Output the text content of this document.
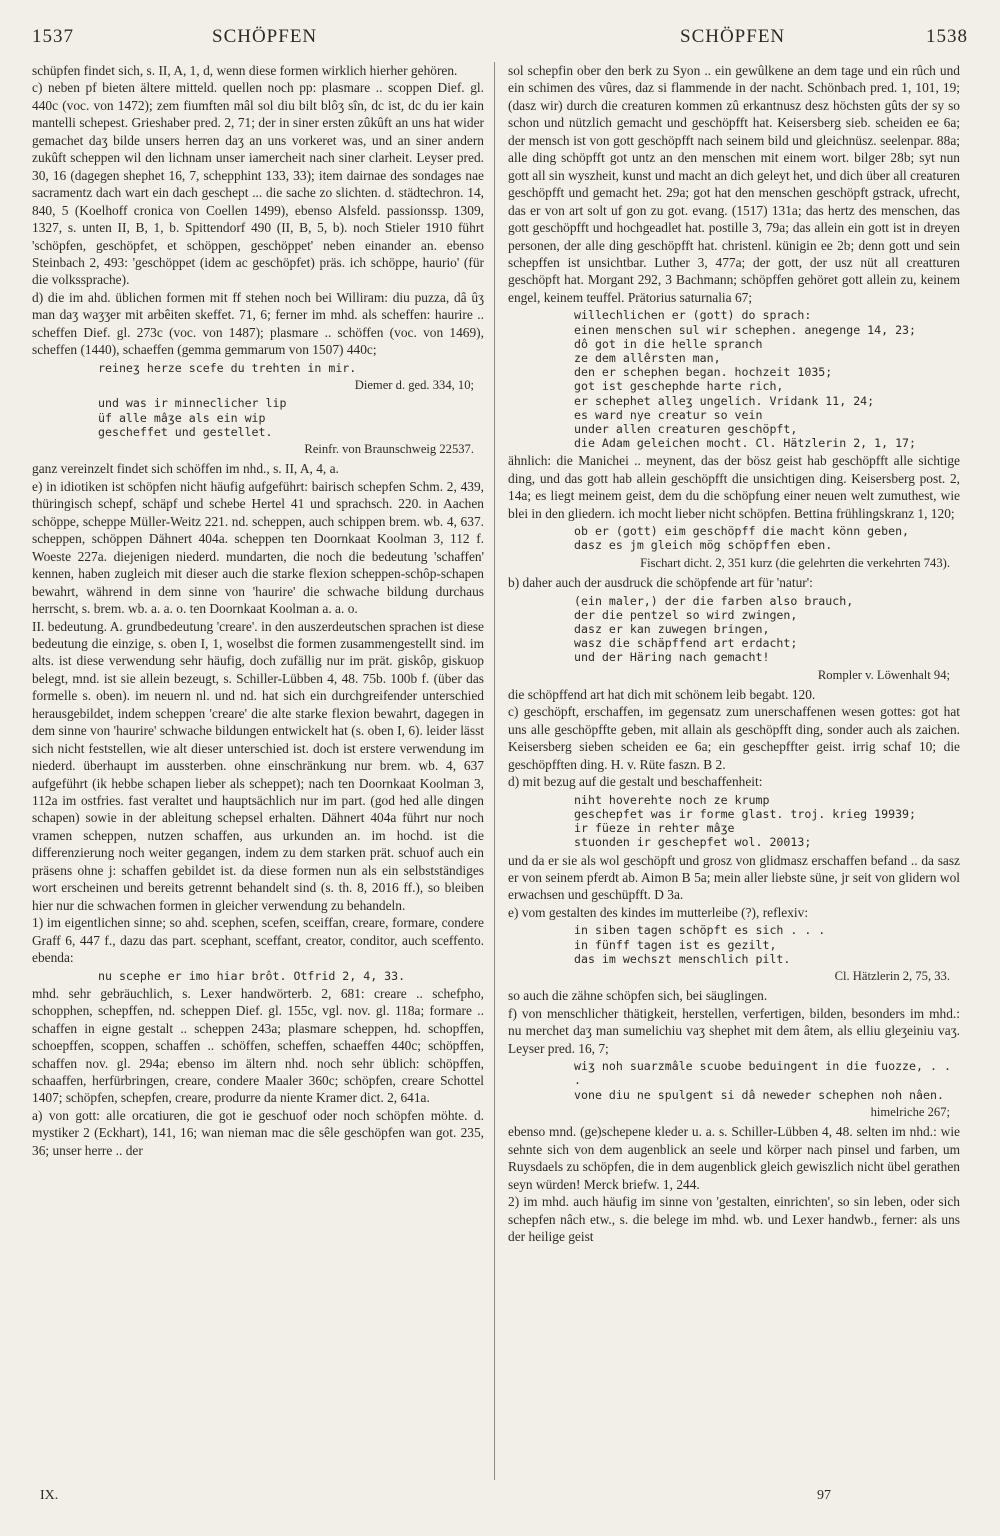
1537	SCHÖPFEN	SCHÖPFEN	1538

schüpfen findet sich, s. II, A, 1, d, wenn diese formen wirklich hierher gehören.

c) neben pf bieten ältere mitteld. quellen noch pp: plasmare .. scoppen Dief. gl. 440c (voc. von 1472); zem fiumften mâl sol diu bilt blôʒ sîn, dc ist, dc du ier kain mantelli schepest. Grieshaber pred. 2, 71; der in siner ersten zûkûft an uns hat wider gemachet daʒ bilde unsers herren daʒ an uns vorkeret was, und an siner andern zukûft scheppen wil den lichnam unser iamercheit nach siner clarheit. Leyser pred. 30, 16 (dagegen shephet 16, 7, schepphint 133, 33); item dairnae des sondages nae sacramentz dach wart ein dach geschept ... die sache zo slichten. d. städtechron. 14, 840, 5 (Koelhoff cronica von Coellen 1499), ebenso Alsfeld. passionssp. 1309, 1327, s. unten II, B, 1, b. Spittendorf 490 (II, B, 5, b). noch Stieler 1910 führt 'schöpfen, geschöpfet, et schöppen, geschöppet' neben einander an. ebenso Steinbach 2, 493: 'geschöppet (idem ac geschöpfet) präs. ich schöppe, haurio' (für die volkssprache).

d) die im ahd. üblichen formen mit ff stehen noch bei Williram: diu puzza, dâ ûʒ man daʒ waʒʒer mit arbêiten skeffet. 71, 6; ferner im mhd. als scheffen: haurire .. scheffen Dief. gl. 273c (voc. von 1487); plasmare .. schöffen (voc. von 1469), scheffen (1440), schaeffen (gemma gemmarum von 1507) 440c;

reineʒ herze scefe du trehten in mir.

Diemer d. ged. 334, 10;

und was ir minneclicher lip
üf alle mâʒe als ein wip
gescheffet und gestellet.

Reinfr. von Braunschweig 22537.

ganz vereinzelt findet sich schöffen im nhd., s. II, A, 4, a.

e) in idiotiken ist schöpfen nicht häufig aufgeführt: bairisch schepfen Schm. 2, 439, thüringisch schepf, schäpf und schebe Hertel 41 und sprachsch. 220. in Aachen schöppe, scheppe Müller-Weitz 221. nd. scheppen, auch schippen brem. wb. 4, 637. scheppen, schöppen Dähnert 404a. scheppen ten Doornkaat Koolman 3, 112 f. Woeste 227a. diejenigen niederd. mundarten, die noch die bedeutung 'schaffen' kennen, haben zugleich mit dieser auch die starke flexion scheppen-schôp-schapen bewahrt, während in dem sinne von 'haurire' die schwache bildung durchaus herrscht, s. brem. wb. a. a. o. ten Doornkaat Koolman a. a. o.

II. bedeutung. A. grundbedeutung 'creare'. in den auszerdeutschen sprachen ist diese bedeutung die einzige, s. oben I, 1, woselbst die formen zusammengestellt sind. im alts. ist diese verwendung sehr häufig, doch zufällig nur im prät. giskôp, giskuop belegt, mnd. ist sie allein bezeugt, s. Schiller-Lübben 4, 48. 75b. 100b f. (über das formelle s. oben). im neuern nl. und nd. hat sich ein durchgreifender unterschied herausgebildet, indem scheppen 'creare' die alte starke flexion bewahrt, dagegen in dem sinne von 'haurire' schwache bildungen entwickelt hat (s. oben I, 6). leider lässt sich nicht feststellen, wie alt dieser unterschied ist. doch ist erstere verwendung im niederd. überhaupt im aussterben. ohne einschränkung nur brem. wb. 4, 637 aufgeführt (ik hebbe schapen lieber als scheppet); nach ten Doornkaat Koolman 3, 112a im ostfries. fast veraltet und hauptsächlich nur im part. (god hed alle dingen schapen) sowie in der ableitung schepsel erhalten. Dähnert 404a führt nur noch vramen scheppen, nutzen schaffen, aus urkunden an. im hochd. ist die differenzierung noch weiter gegangen, indem zu dem starken prät. schuof auch ein präsens ohne j: schaffen gebildet ist. da diese formen nun als ein selbstständiges wort erscheinen und bereits getrennt behandelt sind (s. th. 8, 2016 ff.), so bleiben hier nur die schwachen formen in gleicher verwendung zu behandeln.

1) im eigentlichen sinne; so ahd. scephen, scefen, sceiffan, creare, formare, condere Graff 6, 447 f., dazu das part. scephant, sceffant, creator, conditor, auch sceffento. ebenda:

nu scephe er imo hiar brôt. Otfrid 2, 4, 33.

mhd. sehr gebräuchlich, s. Lexer handwörterb. 2, 681: creare .. schefpho, schopphen, schepffen, nd. scheppen Dief. gl. 155c, vgl. nov. gl. 118a; formare .. schaffen in eigne gestalt .. scheppen 243a; plasmare scheppen, hd. schopffen, schoepffen, scoppen, schaffen .. schöffen, scheffen, schaeffen 440c; schöpffen, schaffen nov. gl. 294a; ebenso im ältern nhd. noch sehr üblich: schöpffen, schaaffen, herfürbringen, creare, condere Maaler 360c; schöpfen, creare Schottel 1407; schöpfen, schepfen, creare, produrre da niente Kramer dict. 2, 641a.

a) von gott: alle orcatiuren, die got ie geschuof oder noch schöpfen möhte. d. mystiker 2 (Eckhart), 141, 16; wan nieman mac die sêle geschöpfen wan got. 235, 36; unser herre .. der

sol schepfin ober den berk zu Syon .. ein gewûlkene an dem tage und ein rûch und ein schimen des vûres, daz si flammende in der nacht. Schönbach pred. 1, 101, 19; (dasz wir) durch die creaturen kommen zû erkantnusz desz höchsten gûts der sy so schon und nützlich gemacht und geschöpfft hat. Keisersberg sieb. scheiden ee 6a; der mensch ist von gott geschöpfft nach seinem bild und gleichnüsz. seelenpar. 88a; alle ding schöpfft got untz an den menschen mit einem wort. bilger 28b; syt nun gott all sin wyszheit, kunst und macht an dich geleyt het, und dich über all creaturen geschöpfft und gemacht het. 29a; got hat den menschen geschöpft gstrack, ufrecht, das er von art solt uf gon zu got. evang. (1517) 131a; das hertz des menschen, das gott geschöpfft und hochgeadlet hat. postille 3, 79a; das allein ein gott ist in dreyen personen, der alle ding geschöpfft hat. christenl. künigin ee 2b; denn gott und sein schepffen ist unsichtbar. Luther 3, 477a; der gott, der usz nüt all creatturen geschöpft hat. Morgant 292, 3 Bachmann; schöpffen gehöret gott allein zu, keinem engel, keinem teuffel. Prätorius saturnalia 67;

willechlichen er (gott) do sprach:
einen menschen sul wir schephen. anegenge 14, 23;
dô got in die helle spranch
ze dem allêrsten man,
den er schephen began. hochzeit 1035;
got ist geschephde harte rich,
er schephet alleʒ ungelich. Vridank 11, 24;
es ward nye creatur so vein
under allen creaturen geschöpft,
die Adam geleichen mocht. Cl. Hätzlerin 2, 1, 17;

ähnlich: die Manichei .. meynent, das der bösz geist hab geschöpfft alle sichtige ding, und das gott hab allein geschöpfft die unsichtigen ding. Keisersberg post. 2, 14a; es liegt meinem geist, dem du die schöpfung einer neuen welt zumuthest, wie blei in den gliedern. ich mocht lieber nicht schöpfen. Bettina frühlingskranz 1, 120;

ob er (gott) eim geschöpff die macht könn geben,
dasz es jm gleich mög schöpffen eben.

Fischart dicht. 2, 351 kurz (die gelehrten die verkehrten 743).

b) daher auch der ausdruck die schöpfende art für 'natur':

(ein maler,) der die farben also brauch,
der die pentzel so wird zwingen,
dasz er kan zuwegen bringen,
wasz die schäpffend art erdacht;
und der Häring nach gemacht!

Rompler v. Löwenhalt 94;

die schöpffend art hat dich mit schönem leib begabt. 120.

c) geschöpft, erschaffen, im gegensatz zum unerschaffenen wesen gottes: got hat uns alle geschöpffte geben, mit allain als geschöpfft ding, sonder auch als zaichen. Keisersberg sieben scheiden ee 6a; ein geschepffter geist. irrig schaf 10; die geschöpfften ding. H. v. Rüte faszn. B 2.

d) mit bezug auf die gestalt und beschaffenheit:

niht hoverehte noch ze krump
geschepfet was ir forme glast. troj. krieg 19939;
ir füeze in rehter mâʒe
stuonden ir geschepfet wol. 20013;

und da er sie als wol geschöpft und grosz von glidmasz erschaffen befand .. da sasz er von seinem pferdt ab. Aimon B 5a; mein aller liebste süne, jr seit von glidern wol erwachsen und geschüpfft. D 3a.

e) vom gestalten des kindes im mutterleibe (?), reflexiv:

in siben tagen schöpft es sich . . .
in fünff tagen ist es gezilt,
das im wechszt menschlich pilt.

Cl. Hätzlerin 2, 75, 33.

so auch die zähne schöpfen sich, bei säuglingen.

f) von menschlicher thätigkeit, herstellen, verfertigen, bilden, besonders im mhd.: nu merchet daʒ man sumelichiu vaʒ shephet mit dem âtem, als elliu gleʒeiniu vaʒ. Leyser pred. 16, 7;

wiʒ noh suarzmâle scuobe beduingent in die fuozze, . . .
vone diu ne spulgent si dâ neweder schephen noh nâen.

himelriche 267;

ebenso mnd. (ge)schepene kleder u. a. s. Schiller-Lübben 4, 48. selten im nhd.: wie sehnte sich von dem augenblick an seele und körper nach pinsel und farben, um Ruysdaels zu schöpfen, die in dem augenblick gleich gewiszlich nicht übel gerathen seyn würden! Merck briefw. 1, 244.

2) im mhd. auch häufig im sinne von 'gestalten, einrichten', so sin leben, oder sich schepfen nâch etw., s. die belege im mhd. wb. und Lexer handwb., ferner: als uns der heilige geist

IX.	97
